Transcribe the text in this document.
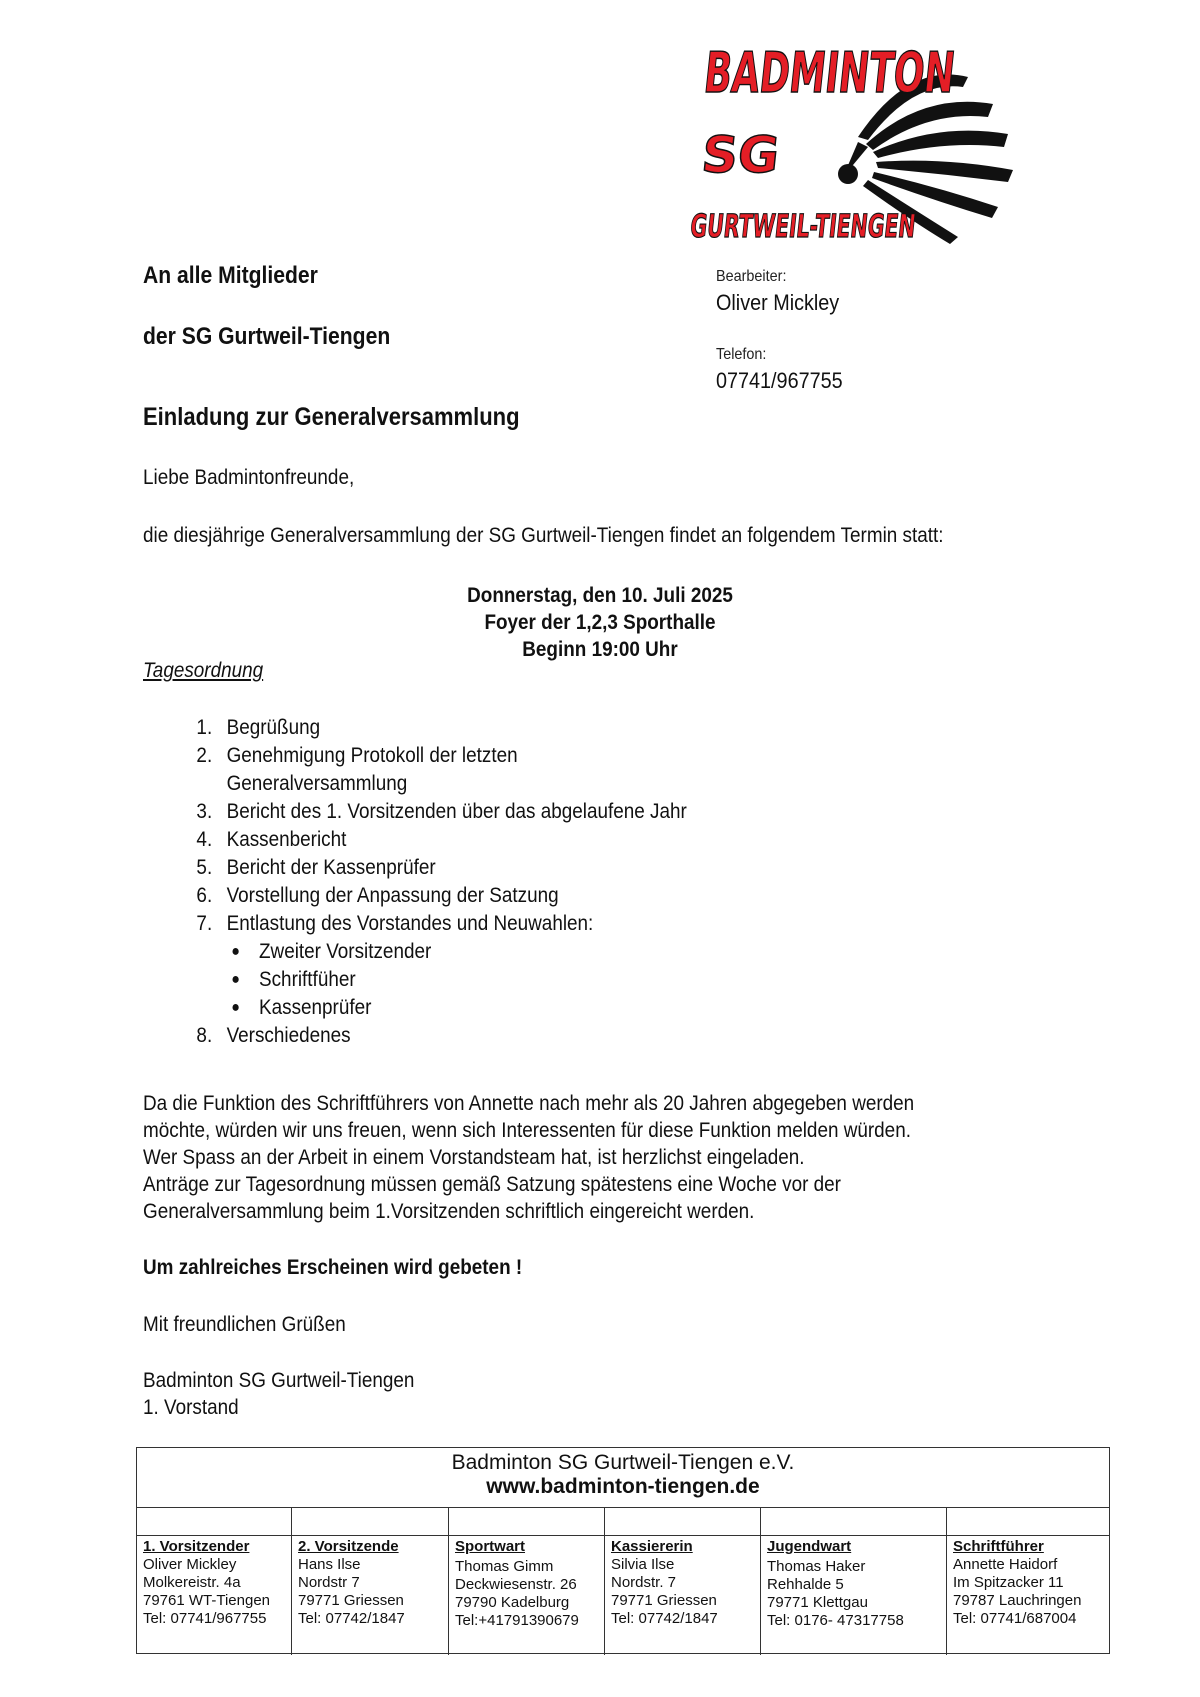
BADMINTON
SG
GURTWEIL-TIENGEN
Bearbeiter:
Oliver Mickley
Telefon:
07741/967755
An alle Mitglieder
der SG Gurtweil-Tiengen
Einladung zur Generalversammlung
Liebe Badmintonfreunde,
die diesjährige Generalversammlung der SG Gurtweil-Tiengen findet an folgendem Termin statt:
Donnerstag, den 10. Juli 2025
Foyer der 1,2,3 Sporthalle
Beginn 19:00 Uhr
Tagesordnung
1. Begrüßung
2. Genehmigung Protokoll der letzten
Generalversammlung
3. Bericht des 1. Vorsitzenden über das abgelaufene Jahr
4. Kassenbericht
5. Bericht der Kassenprüfer
6. Vorstellung der Anpassung der Satzung
7. Entlastung des Vorstandes und Neuwahlen:
● Zweiter Vorsitzender
● Schriftfüher
● Kassenprüfer
8. Verschiedenes
Da die Funktion des Schriftführers von Annette nach mehr als 20 Jahren abgegeben werden
möchte, würden wir uns freuen, wenn sich Interessenten für diese Funktion melden würden.
Wer Spass an der Arbeit in einem Vorstandsteam hat, ist herzlichst eingeladen.
Anträge zur Tagesordnung müssen gemäß Satzung spätestens eine Woche vor der
Generalversammlung beim 1.Vorsitzenden schriftlich eingereicht werden.
Um zahlreiches Erscheinen wird gebeten !
Mit freundlichen Grüßen
Badminton SG Gurtweil-Tiengen
1. Vorstand
Badminton SG Gurtweil-Tiengen e.V.
www.badminton-tiengen.de
1. Vorsitzender
Oliver Mickley
Molkereistr. 4a
79761 WT-Tiengen
Tel: 07741/967755
2. Vorsitzende
Hans Ilse
Nordstr 7
79771 Griessen
Tel: 07742/1847
Sportwart
Thomas Gimm
Deckwiesenstr. 26
79790 Kadelburg
Tel:+41791390679
Kassiererin
Silvia Ilse
Nordstr. 7
79771 Griessen
Tel: 07742/1847
Jugendwart
Thomas Haker
Rehhalde 5
79771 Klettgau
Tel: 0176- 47317758
Schriftführer
Annette Haidorf
Im Spitzacker 11
79787 Lauchringen
Tel: 07741/687004
